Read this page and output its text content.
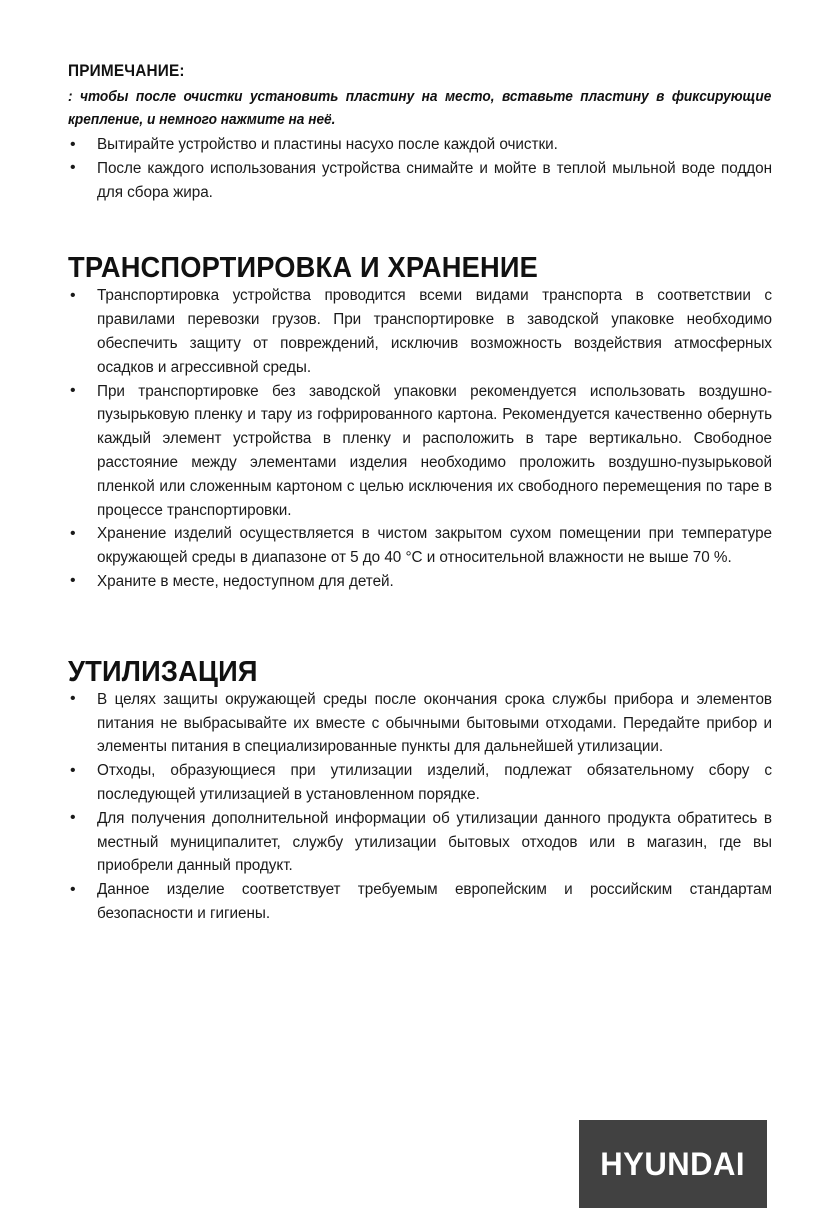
ПРИМЕЧАНИЕ:

: чтобы после очистки установить пластину на место, вставьте пластину в фиксирующие крепление, и немного нажмите на неё.

• Вытирайте устройство и пластины насухо после каждой очистки.
• После каждого использования устройства снимайте и мойте в теплой мыльной воде поддон для сбора жира.
ТРАНСПОРТИРОВКА И ХРАНЕНИЕ
• Транспортировка устройства проводится всеми видами транспорта в соответствии с правилами перевозки грузов. При транспортировке в заводской упаковке необходимо обеспечить защиту от повреждений, исключив возможность воздействия атмосферных осадков и агрессивной среды.
• При транспортировке без заводской упаковки рекомендуется использовать воздушно-пузырьковую пленку и тару из гофрированного картона. Рекомендуется качественно обернуть каждый элемент устройства в пленку и расположить в таре вертикально. Свободное расстояние между элементами изделия необходимо проложить воздушно-пузырьковой пленкой или сложенным картоном с целью исключения их свободного перемещения по таре в процессе транспортировки.
• Хранение изделий осуществляется в чистом закрытом сухом помещении при температуре окружающей среды в диапазоне от 5 до 40 °C и относительной влажности не выше 70 %.
• Храните в месте, недоступном для детей.
УТИЛИЗАЦИЯ
• В целях защиты окружающей среды после окончания срока службы прибора и элементов питания не выбрасывайте их вместе с обычными бытовыми отходами. Передайте прибор и элементы питания в специализированные пункты для дальнейшей утилизации.
• Отходы, образующиеся при утилизации изделий, подлежат обязательному сбору с последующей утилизацией в установленном порядке.
• Для получения дополнительной информации об утилизации данного продукта обратитесь в местный муниципалитет, службу утилизации бытовых отходов или в магазин, где вы приобрели данный продукт.
• Данное изделие соответствует требуемым европейским и российским стандартам безопасности и гигиены.
HYUNDAI
